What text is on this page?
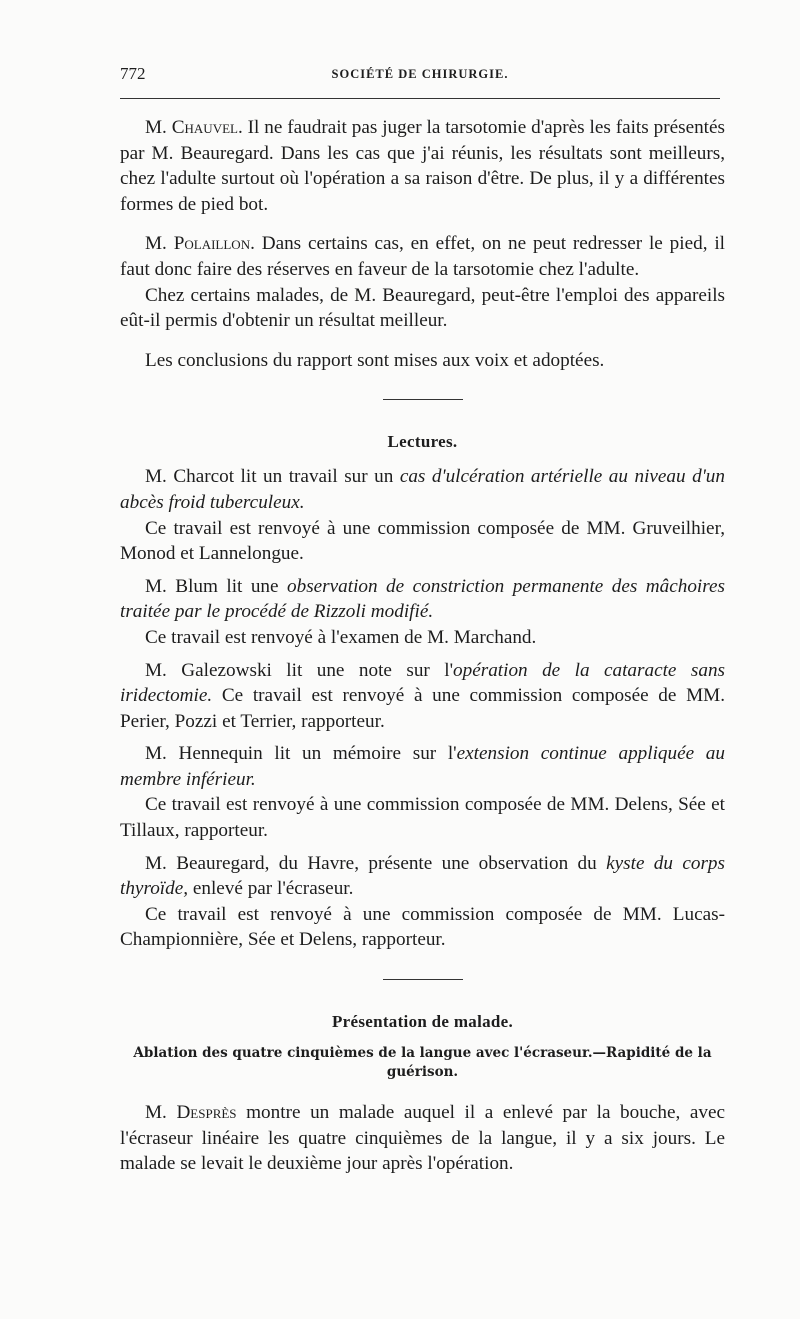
772	SOCIÉTÉ DE CHIRURGIE.

M. Chauvel. Il ne faudrait pas juger la tarsotomie d'après les faits présentés par M. Beauregard. Dans les cas que j'ai réunis, les résultats sont meilleurs, chez l'adulte surtout où l'opération a sa raison d'être. De plus, il y a différentes formes de pied bot.

M. Polaillon. Dans certains cas, en effet, on ne peut redresser le pied, il faut donc faire des réserves en faveur de la tarsotomie chez l'adulte.

Chez certains malades, de M. Beauregard, peut-être l'emploi des appareils eût-il permis d'obtenir un résultat meilleur.

Les conclusions du rapport sont mises aux voix et adoptées.

Lectures.

M. Charcot lit un travail sur un cas d'ulcération artérielle au niveau d'un abcès froid tuberculeux.

Ce travail est renvoyé à une commission composée de MM. Gruveilhier, Monod et Lannelongue.

M. Blum lit une observation de constriction permanente des mâchoires traitée par le procédé de Rizzoli modifié.

Ce travail est renvoyé à l'examen de M. Marchand.

M. Galezowski lit une note sur l'opération de la cataracte sans iridectomie. Ce travail est renvoyé à une commission composée de MM. Perier, Pozzi et Terrier, rapporteur.

M. Hennequin lit un mémoire sur l'extension continue appliquée au membre inférieur.

Ce travail est renvoyé à une commission composée de MM. Delens, Sée et Tillaux, rapporteur.

M. Beauregard, du Havre, présente une observation du kyste du corps thyroïde, enlevé par l'écraseur.

Ce travail est renvoyé à une commission composée de MM. Lucas-Championnière, Sée et Delens, rapporteur.

Présentation de malade.
Ablation des quatre cinquièmes de la langue avec l'écraseur.—Rapidité de la guérison.

M. Desprès montre un malade auquel il a enlevé par la bouche, avec l'écraseur linéaire les quatre cinquièmes de la langue, il y a six jours. Le malade se levait le deuxième jour après l'opération.
